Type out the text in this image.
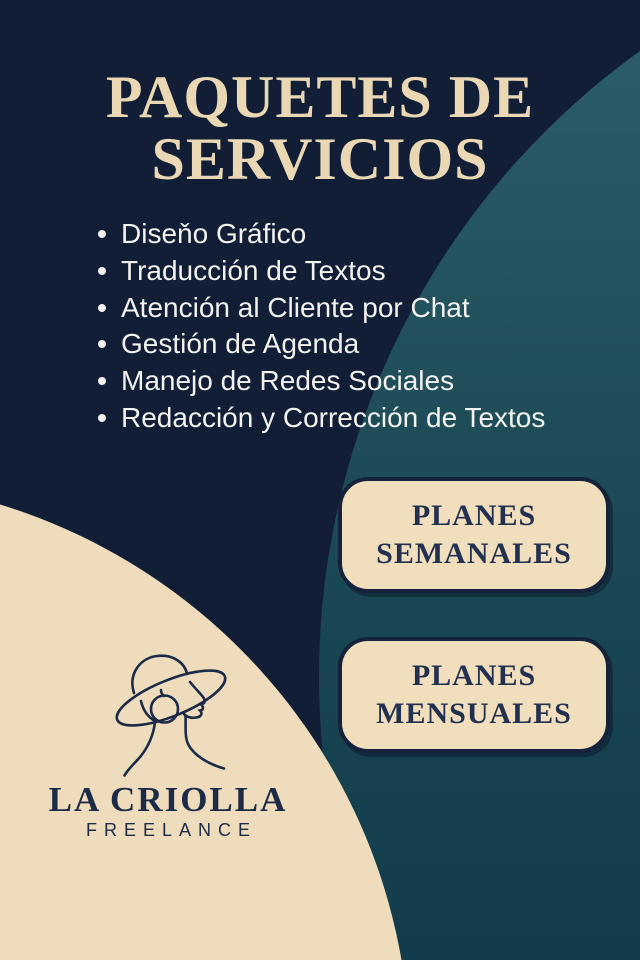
PAQUETES DE
SERVICIOS
Diseňo Gráfico
Traducción de Textos
Atención al Cliente por Chat
Gestión de Agenda
Manejo de Redes Sociales
Redacción y Corrección de Textos
PLANES
SEMANALES
PLANES
MENSUALES
LA CRIOLLA
FREELANCE
